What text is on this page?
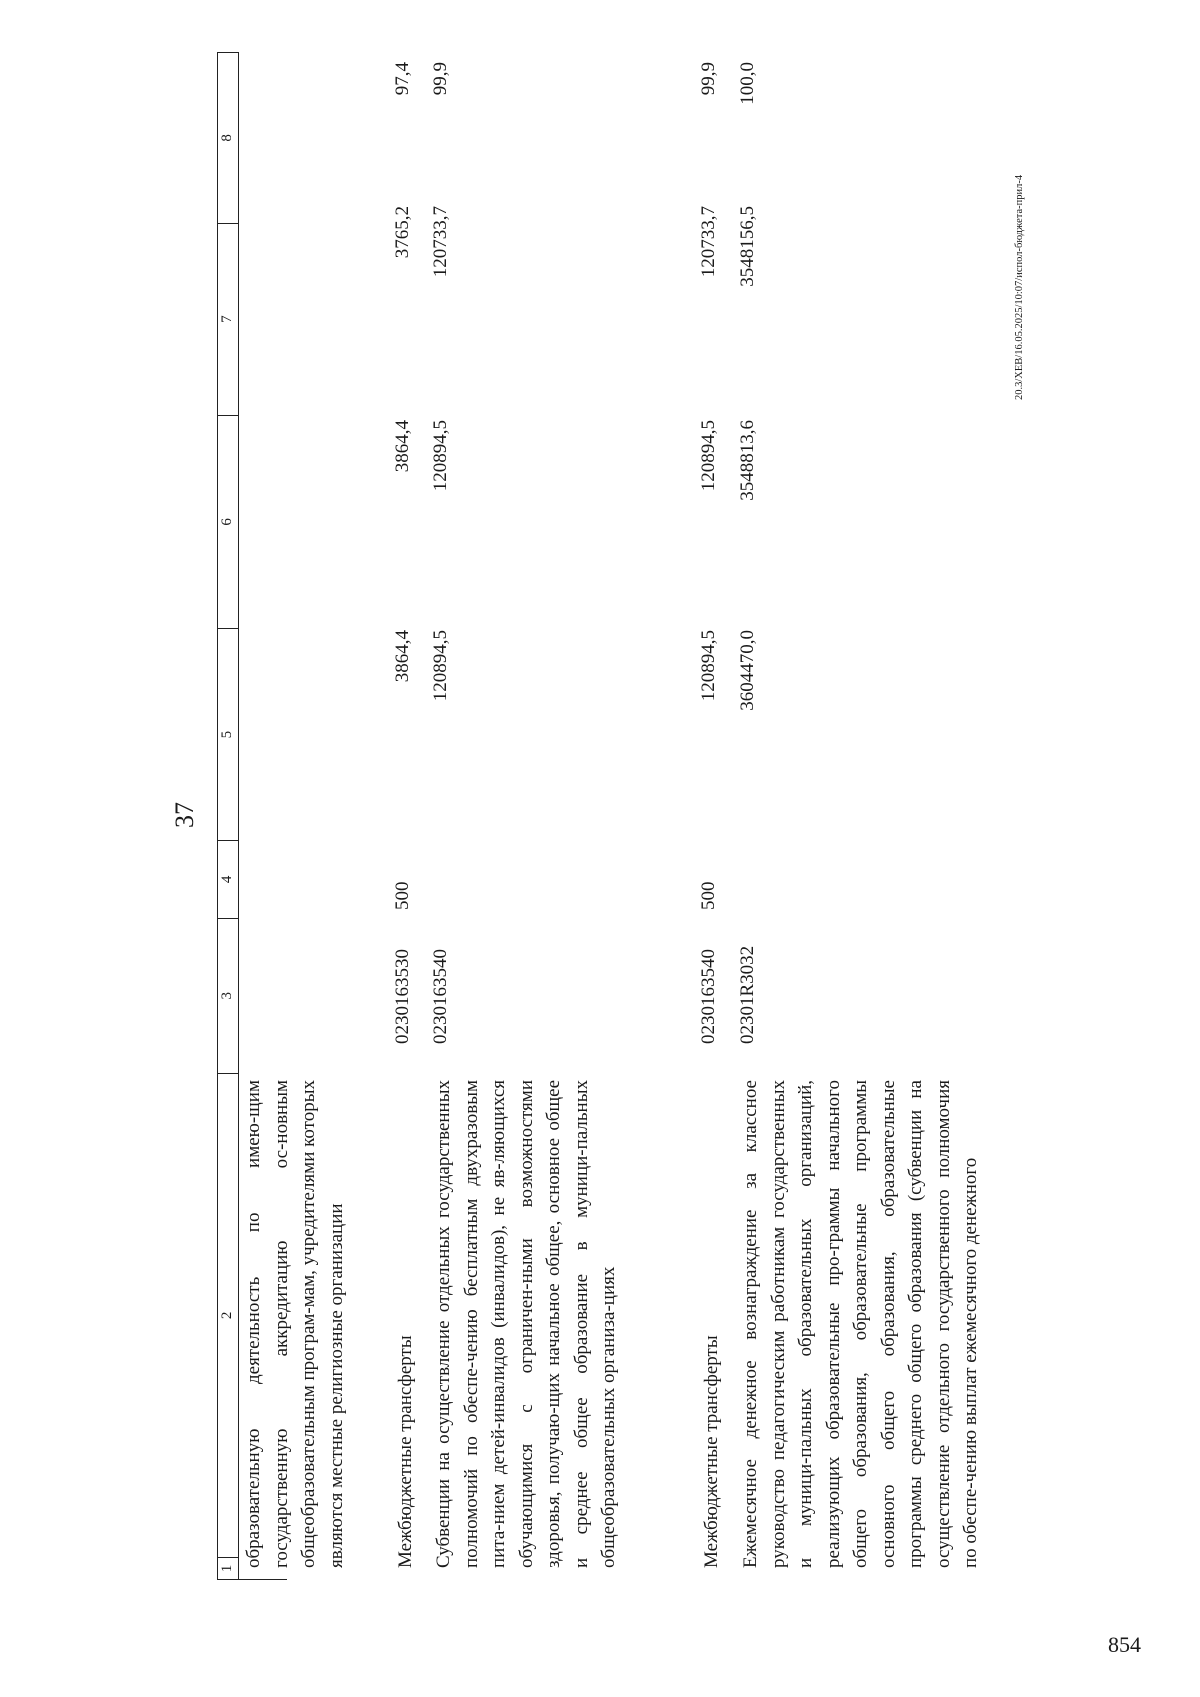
854
37
1
2
3
4
5
6
7
8
образовательную деятельность по имею-щим государственную аккредитацию ос-новным общеобразовательным програм-мам, учредителями которых являются местные религиозные организации	Межбюджетные трансферты
0230163530
500
3864,4
3864,4
3765,2
97,4
Субвенции на осуществление отдельных государственных полномочий по обеспе-чению бесплатным двухразовым пита-нием детей-инвалидов (инвалидов), не яв-ляющихся обучающимися с ограничен-ными возможностями здоровья, получаю-щих начальное общее, основное общее и среднее общее образование в муници-пальных общеобразовательных организа-циях
0230163540
120894,5
120894,5
120733,7
99,9
Межбюджетные трансферты
0230163540
500
120894,5
120894,5
120733,7
99,9
Ежемесячное денежное вознаграждение за классное руководство педагогическим работникам государственных и муници-пальных образовательных организаций, реализующих образовательные про-граммы начального общего образования, образовательные программы основного общего образования, образовательные программы среднего общего образования (субвенции на осуществление отдельного государственного полномочия по обеспе-чению выплат ежемесячного денежного
02301R3032
3604470,0
3548813,6
3548156,5
100,0
20.3/ХЕВ/16.05.2025/10:07/испол-бюджета-прил-4
